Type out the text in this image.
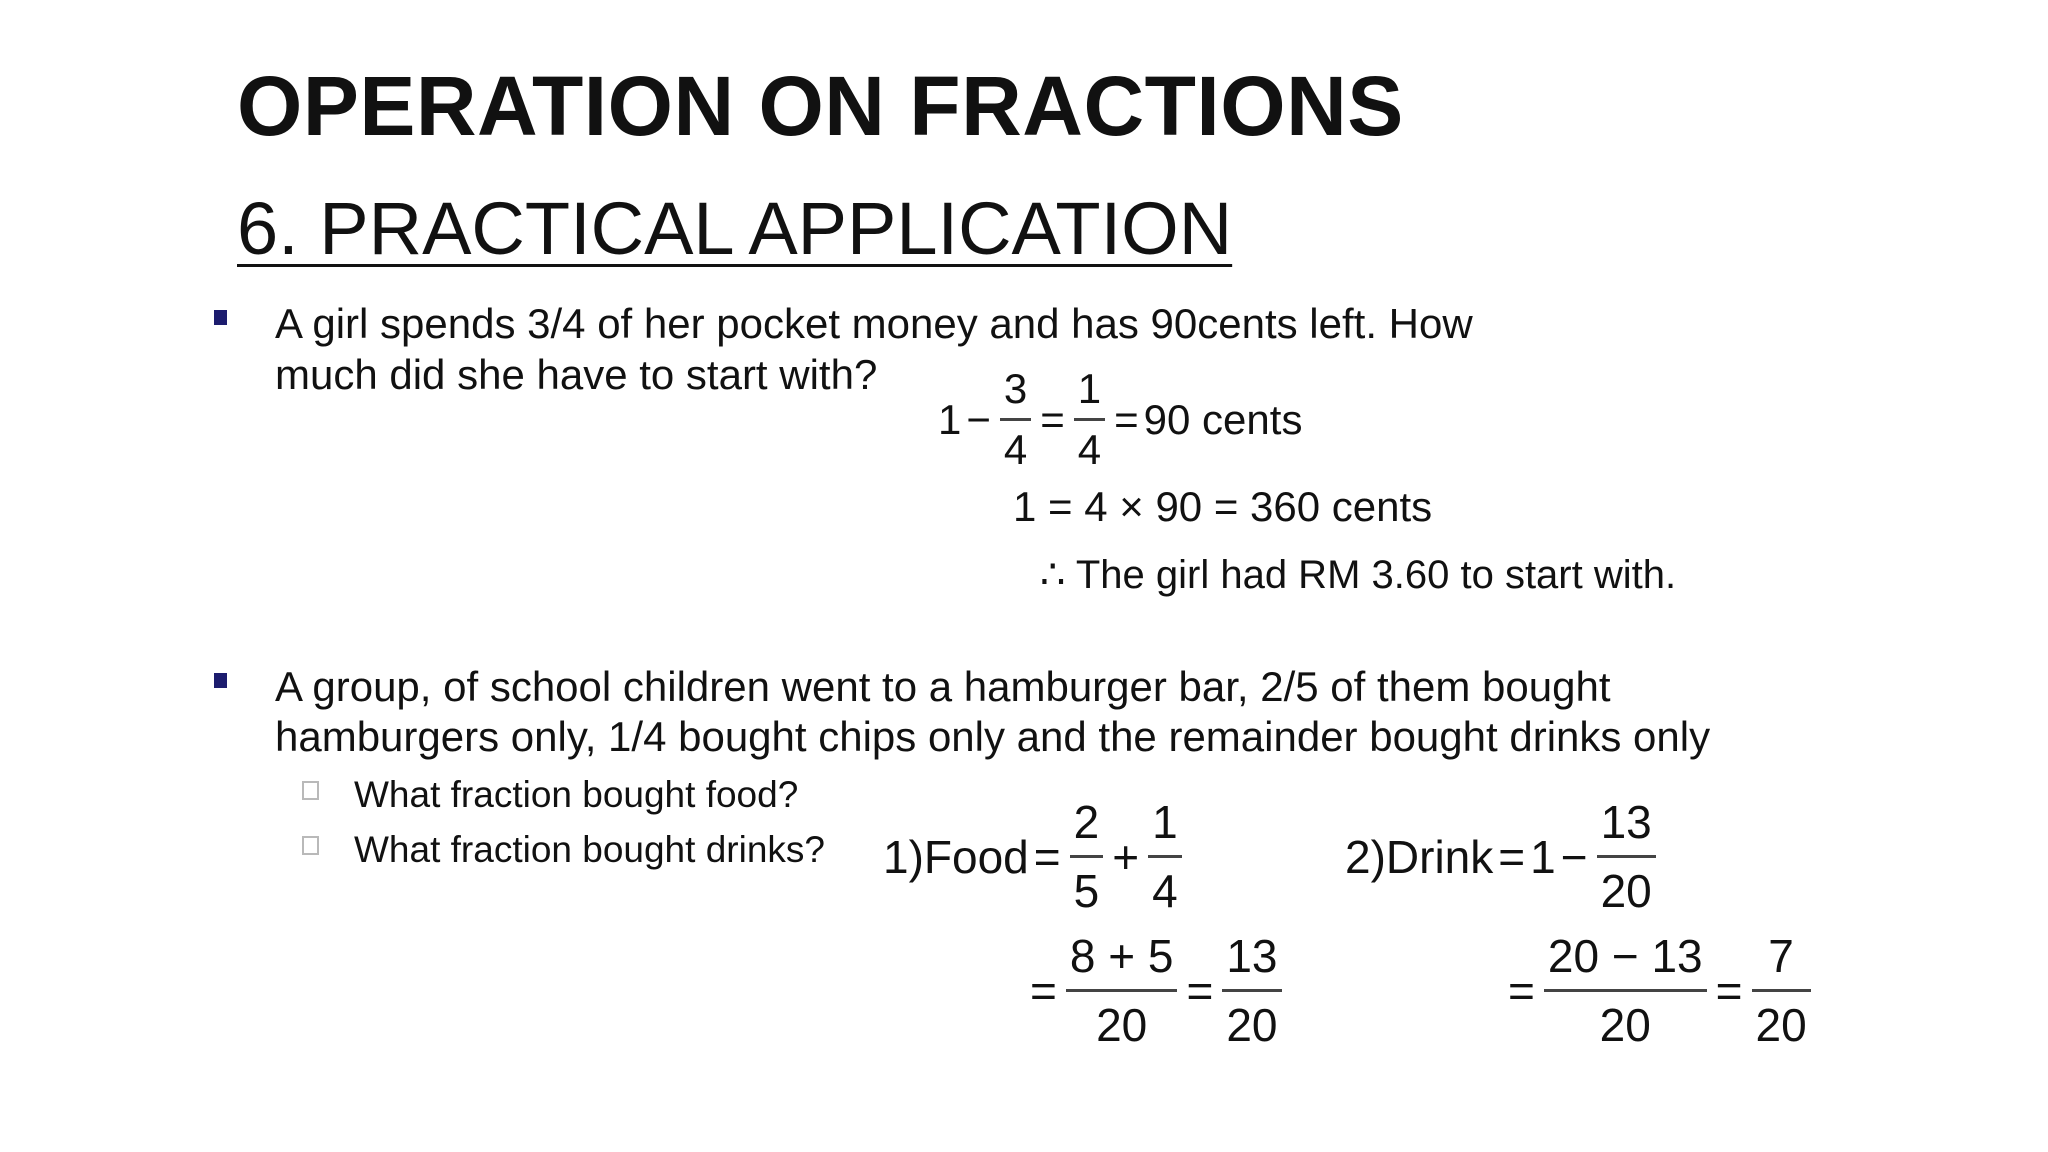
OPERATION ON FRACTIONS
6. PRACTICAL APPLICATION
A girl spends 3/4 of her pocket money and has 90cents left. How
much did she have to start with?
$1 - \frac{3}{4} = \frac{1}{4} = 90$ cents
1 = 4 × 90 = 360 cents
∴ The girl had RM 3.60 to start with.
A group, of school children went to a hamburger bar, 2/5 of them bought
hamburgers only, 1/4 bought chips only and the remainder bought drinks only
What fraction bought food?
What fraction bought drinks? 1)Food = $\frac{2}{5} + \frac{1}{4}$
= $\frac{8 + 5}{20} = \frac{13}{20}$
2)Drink = $1 - \frac{13}{20}$
= $\frac{20 - 13}{20} = \frac{7}{20}$
